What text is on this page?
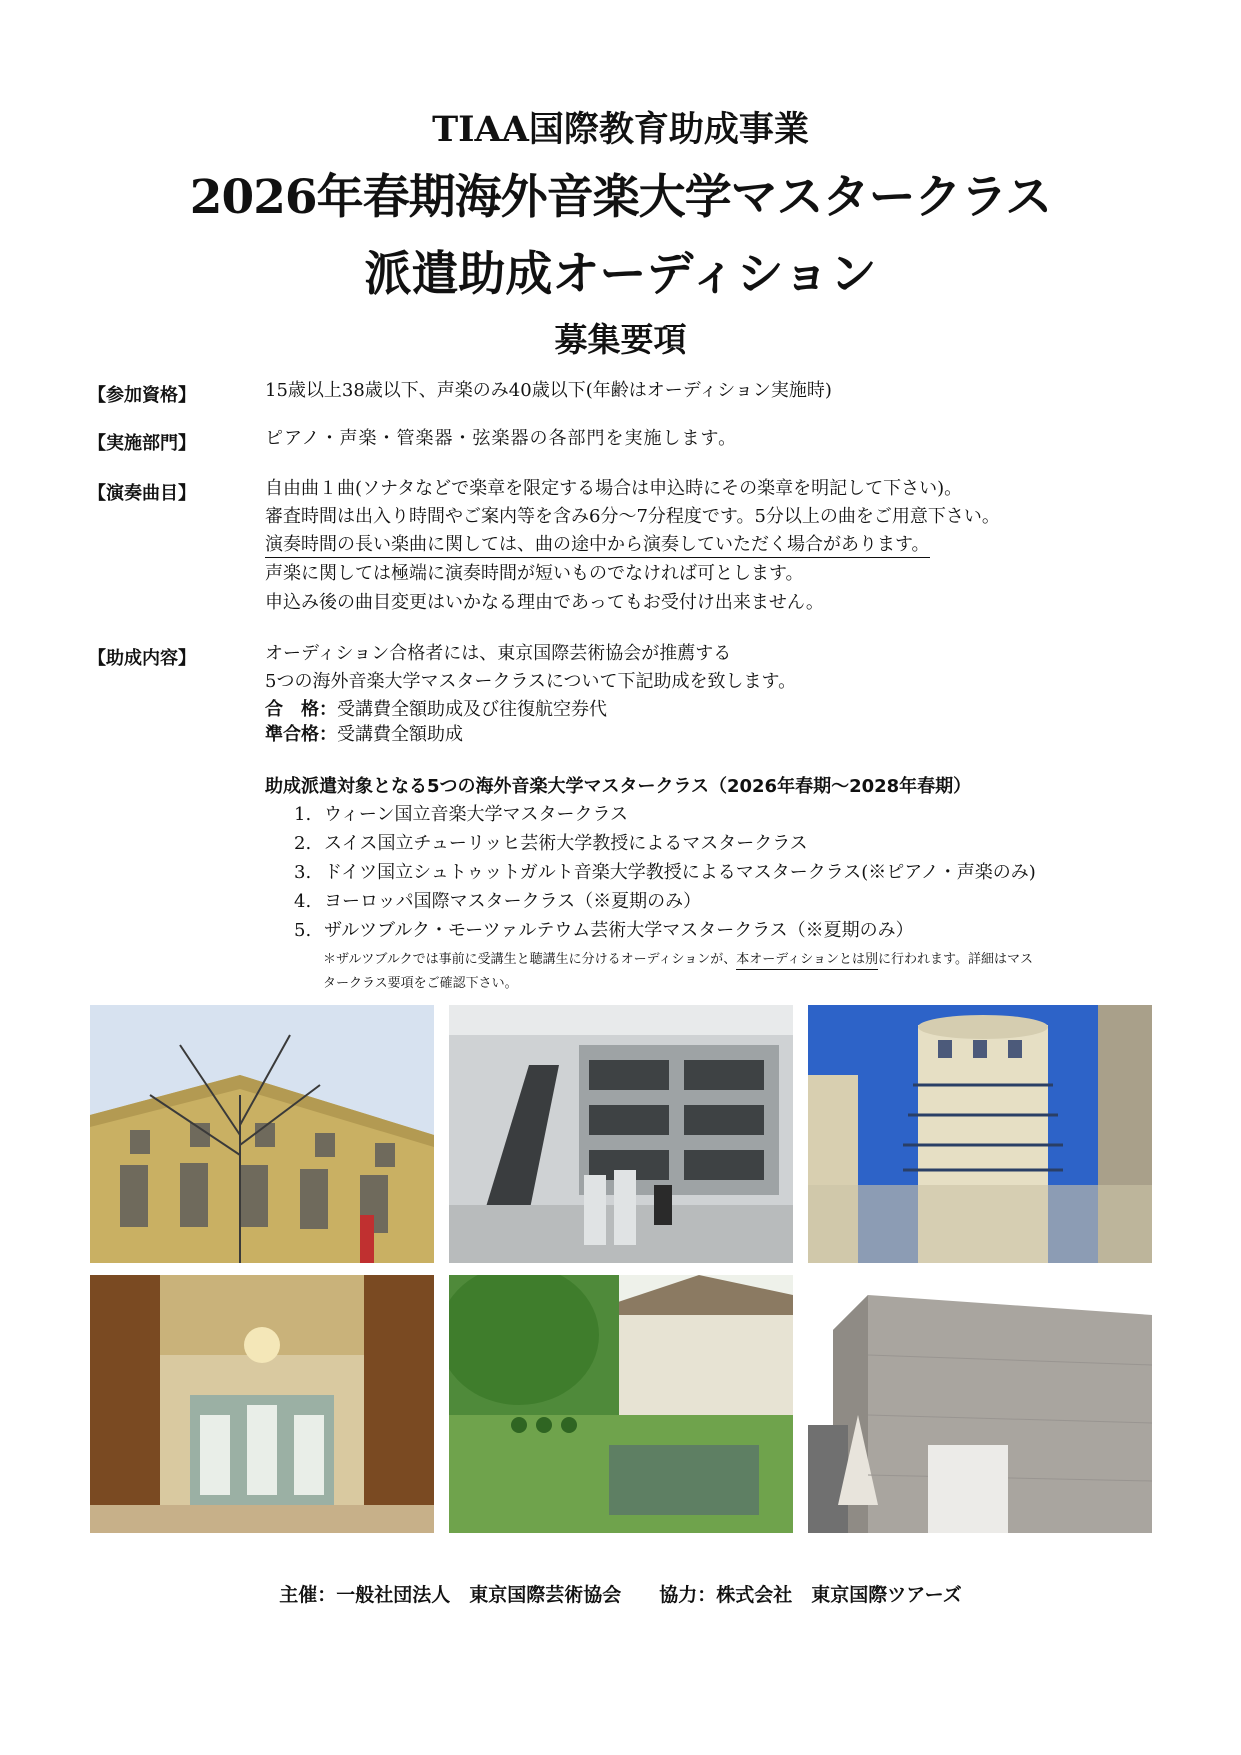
TIAA国際教育助成事業
2026年春期海外音楽大学マスタークラス
派遣助成オーディション
募集要項
【参加資格】	15歳以上38歳以下、声楽のみ40歳以下(年齢はオーディション実施時)
【実施部門】	ピアノ・声楽・管楽器・弦楽器の各部門を実施します。
【演奏曲目】	自由曲１曲(ソナタなどで楽章を限定する場合は申込時にその楽章を明記して下さい)。
審査時間は出入り時間やご案内等を含み6分〜7分程度です。5分以上の曲をご用意下さい。
演奏時間の長い楽曲に関しては、曲の途中から演奏していただく場合があります。
声楽に関しては極端に演奏時間が短いものでなければ可とします。
申込み後の曲目変更はいかなる理由であってもお受付け出来ません。
【助成内容】	オーディション合格者には、東京国際芸術協会が推薦する
5つの海外音楽大学マスタークラスについて下記助成を致します。
合　格：受講費全額助成及び往復航空券代
準合格：受講費全額助成
助成派遣対象となる5つの海外音楽大学マスタークラス（2026年春期〜2028年春期）
1. ウィーン国立音楽大学マスタークラス
2. スイス国立チューリッヒ芸術大学教授によるマスタークラス
3. ドイツ国立シュトゥットガルト音楽大学教授によるマスタークラス(※ピアノ・声楽のみ)
4. ヨーロッパ国際マスタークラス（※夏期のみ）
5. ザルツブルク・モーツァルテウム芸術大学マスタークラス（※夏期のみ）
＊ザルツブルクでは事前に受講生と聴講生に分けるオーディションが、本オーディションとは別に行われます。詳細はマス
タークラス要項をご確認下さい。
主催：一般社団法人　東京国際芸術協会　　協力：株式会社　東京国際ツアーズ
